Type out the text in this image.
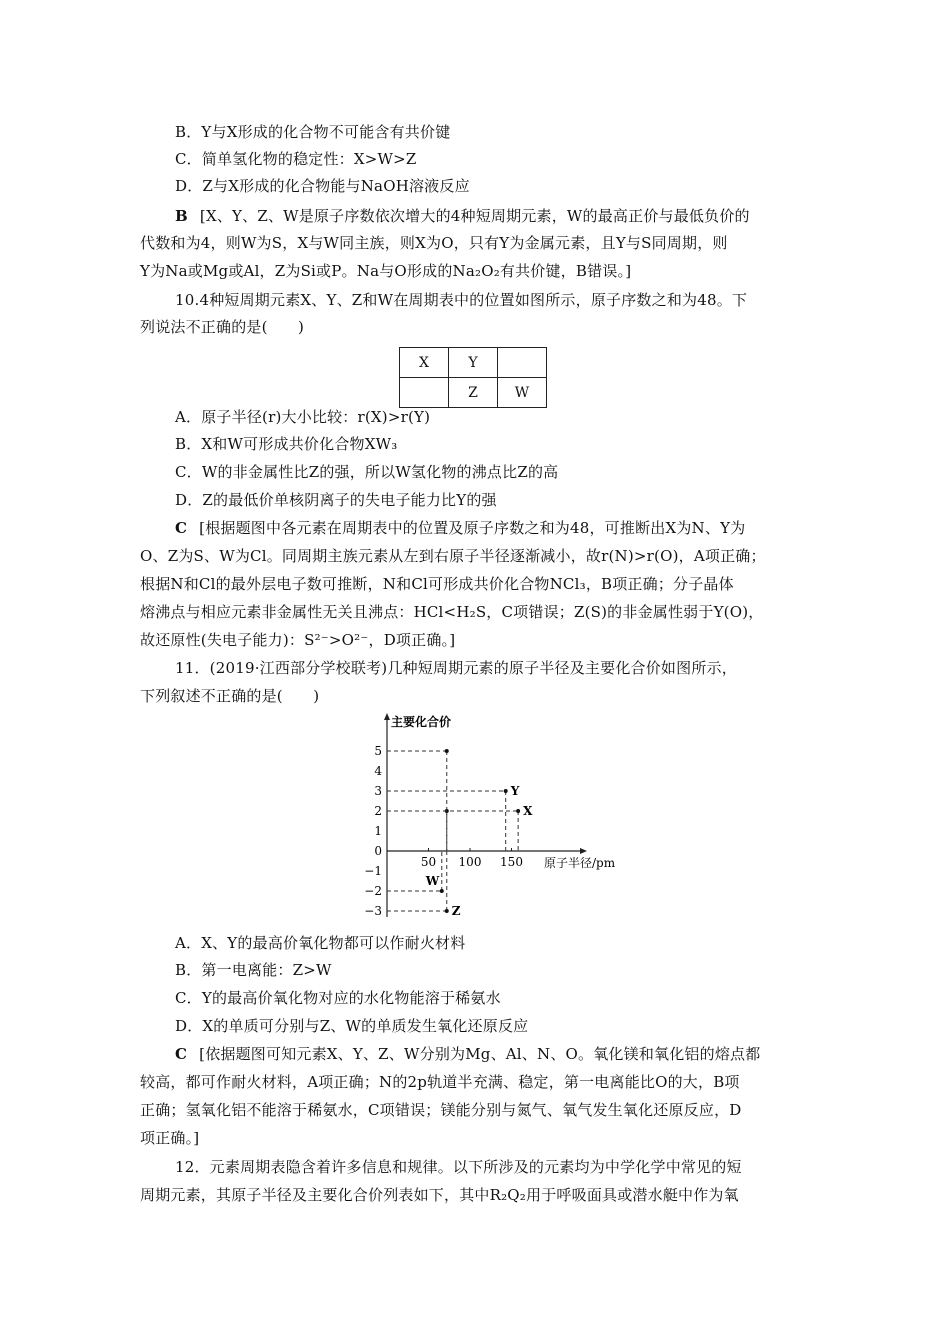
B．Y与X形成的化合物不可能含有共价键
C．简单氢化物的稳定性：X>W>Z
D．Z与X形成的化合物能与NaOH溶液反应
B [X、Y、Z、W是原子序数依次增大的4种短周期元素，W的最高正价与最低负价的
代数和为4，则W为S，X与W同主族，则X为O，只有Y为金属元素，且Y与S同周期，则
Y为Na或Mg或Al，Z为Si或P。Na与O形成的Na₂O₂有共价键，B错误。]
10.4种短周期元素X、Y、Z和W在周期表中的位置如图所示，原子序数之和为48。下
列说法不正确的是(　　)
X	Y	
	Z	W
A．原子半径(r)大小比较：r(X)>r(Y)
B．X和W可形成共价化合物XW₃
C．W的非金属性比Z的强，所以W氢化物的沸点比Z的高
D．Z的最低价单核阴离子的失电子能力比Y的强
C [根据题图中各元素在周期表中的位置及原子序数之和为48，可推断出X为N、Y为
O、Z为S、W为Cl。同周期主族元素从左到右原子半径逐渐减小，故r(N)>r(O)，A项正确；
根据N和Cl的最外层电子数可推断，N和Cl可形成共价化合物NCl₃，B项正确；分子晶体
熔沸点与相应元素非金属性无关且沸点：HCl<H₂S，C项错误；Z(S)的非金属性弱于Y(O)，
故还原性(失电子能力)：S²⁻>O²⁻，D项正确。]
11．(2019·江西部分学校联考)几种短周期元素的原子半径及主要化合价如图所示，
下列叙述不正确的是(　　)
主要化合价
原子半径/pm
5
4
3
2
1
0
−1
−2
−3
50 100 150
Z
W
Y
X
A．X、Y的最高价氧化物都可以作耐火材料
B．第一电离能：Z>W
C．Y的最高价氧化物对应的水化物能溶于稀氨水
D．X的单质可分别与Z、W的单质发生氧化还原反应
C [依据题图可知元素X、Y、Z、W分别为Mg、Al、N、O。氧化镁和氧化铝的熔点都
较高，都可作耐火材料，A项正确；N的2p轨道半充满、稳定，第一电离能比O的大，B项
正确；氢氧化铝不能溶于稀氨水，C项错误；镁能分别与氮气、氧气发生氧化还原反应，D
项正确。]
12．元素周期表隐含着许多信息和规律。以下所涉及的元素均为中学化学中常见的短
周期元素，其原子半径及主要化合价列表如下，其中R₂Q₂用于呼吸面具或潜水艇中作为氧
